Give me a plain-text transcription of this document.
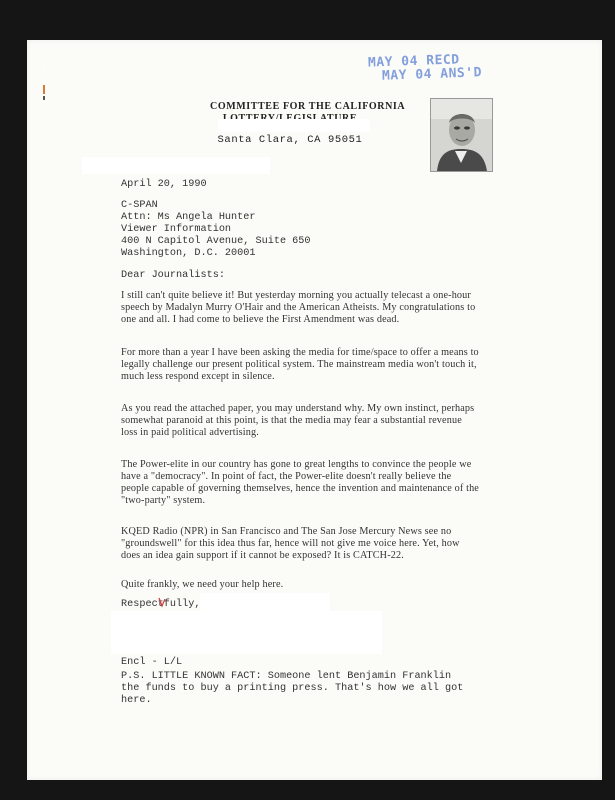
MAY 04 RECD
MAY 04 ANS'D
COMMITTEE FOR THE CALIFORNIA
Santa Clara, CA 95051
April 20, 1990
C-SPAN
Attn: Ms Angela Hunter
Viewer Information
400 N Capitol Avenue, Suite 650
Washington, D.C. 20001
Dear Journalists:
I still can't quite believe it! But yesterday morning you actually telecast a one-hour speech by Madalyn Murry O'Hair and the American Atheists. My congratulations to one and all. I had come to believe the First Amendment was dead.
For more than a year I have been asking the media for time/space to offer a means to legally challenge our present political system. The mainstream media won't touch it, much less respond except in silence.
As you read the attached paper, you may understand why. My own instinct, perhaps somewhat paranoid at this point, is that the media may fear a substantial revenue loss in paid political advertising.
The Power-elite in our country has gone to great lengths to convince the people we have a "democracy". In point of fact, the Power-elite doesn't really believe the people capable of governing themselves, hence the invention and maintenance of the "two-party" system.
KQED Radio (NPR) in San Francisco and The San Jose Mercury News see no "groundswell" for this idea thus far, hence will not give me voice here. Yet, how does an idea gain support if it cannot be exposed? It is CATCH-22.
Quite frankly, we need your help here.
Respectfully,
Encl - L/L
P.S. LITTLE KNOWN FACT: Someone lent Benjamin Franklin the funds to buy a printing press. That's how we all got here.
